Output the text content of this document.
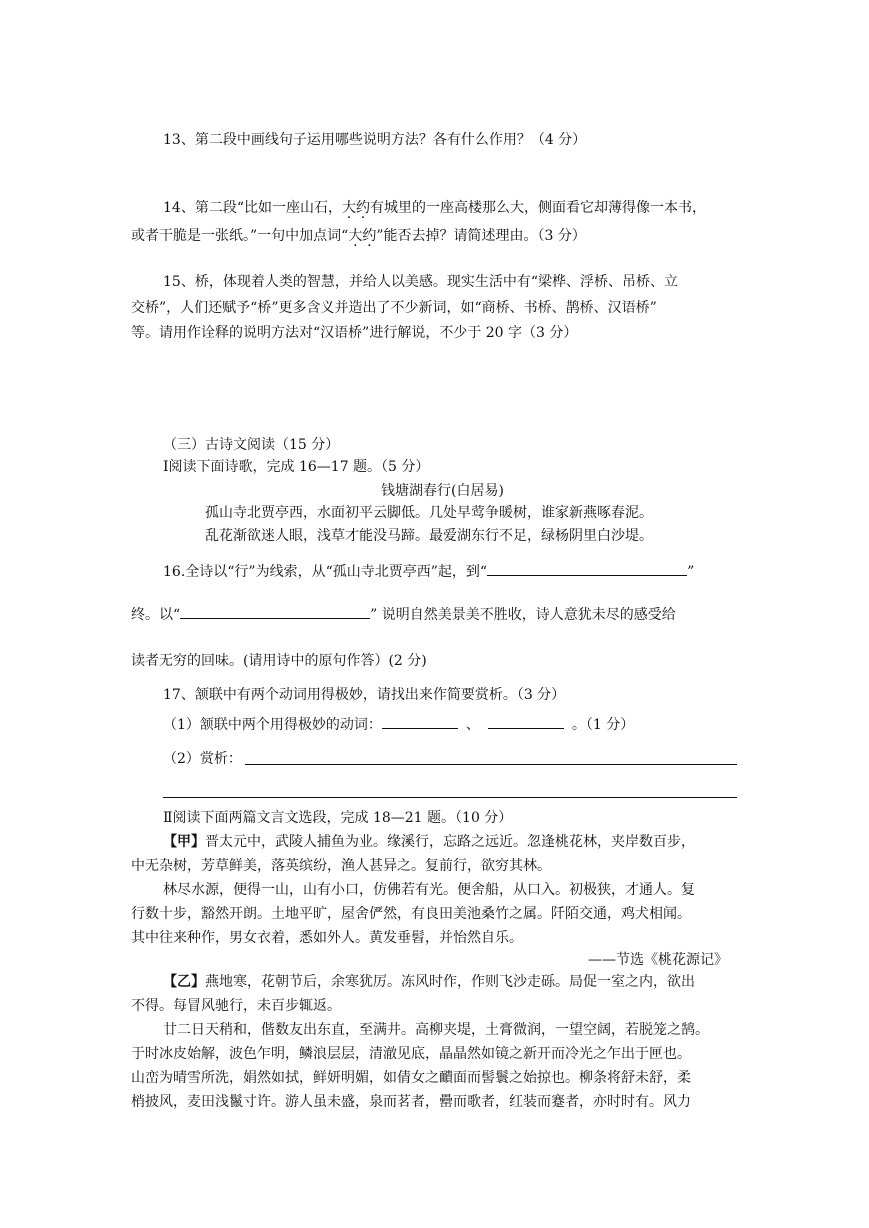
13、第二段中画线句子运用哪些说明方法？各有什么作用？（4 分）
14、第二段“比如一座山石，大约有城里的一座高楼那么大，侧面看它却薄得像一本书，
或者干脆是一张纸。”一句中加点词“大约”能否去掉？请简述理由。（3 分）
15、桥，体现着人类的智慧，并给人以美感。现实生活中有“梁桦、浮桥、吊桥、立
交桥”，人们还赋予“桥”更多含义并造出了不少新词，如“商桥、书桥、鹊桥、汉语桥”
等。请用作诠释的说明方法对“汉语桥”进行解说，不少于 20 字（3 分）
（三）古诗文阅读（15 分）
Ⅰ阅读下面诗歌，完成 16—17 题。（5 分）
钱塘湖春行(白居易)
孤山寺北贾亭西，水面初平云脚低。几处早莺争暖树，谁家新燕啄春泥。
乱花渐欲迷人眼，浅草才能没马蹄。最爱湖东行不足，绿杨阴里白沙堤。
16.全诗以“行”为线索，从“孤山寺北贾亭西”起，到“	”
终。以“	” 说明自然美景美不胜收，诗人意犹未尽的感受给
读者无穷的回味。(请用诗中的原句作答）(2 分)
17、颔联中有两个动词用得极妙，请找出来作简要赏析。（3 分）
（1）颔联中两个用得极妙的动词：	、	。（1 分）
（2）赏析：
Ⅱ阅读下面两篇文言文选段，完成 18—21 题。（10 分）
【甲】晋太元中，武陵人捕鱼为业。缘溪行，忘路之远近。忽逢桃花林，夹岸数百步，
中无杂树，芳草鲜美，落英缤纷，渔人甚异之。复前行，欲穷其林。
林尽水源，便得一山，山有小口，仿佛若有光。便舍船，从口入。初极狭，才通人。复
行数十步，豁然开朗。土地平旷，屋舍俨然，有良田美池桑竹之属。阡陌交通，鸡犬相闻。
其中往来种作，男女衣着，悉如外人。黄发垂髫，并怡然自乐。
——节选《桃花源记》
【乙】燕地寒，花朝节后，余寒犹厉。冻风时作，作则飞沙走砾。局促一室之内，欲出
不得。每冒风驰行，未百步辄返。
廿二日天稍和，偕数友出东直，至满井。高柳夹堤，土膏微润，一望空阔，若脱笼之鹄。
于时冰皮始解，波色乍明，鳞浪层层，清澈见底，晶晶然如镜之新开而冷光之乍出于匣也。
山峦为晴雪所洗，娟然如拭，鲜妍明媚，如倩女之靧面而髻鬟之始掠也。柳条将舒未舒，柔
梢披风，麦田浅鬣寸许。游人虽未盛，泉而茗者，罍而歌者，红装而蹇者，亦时时有。风力
